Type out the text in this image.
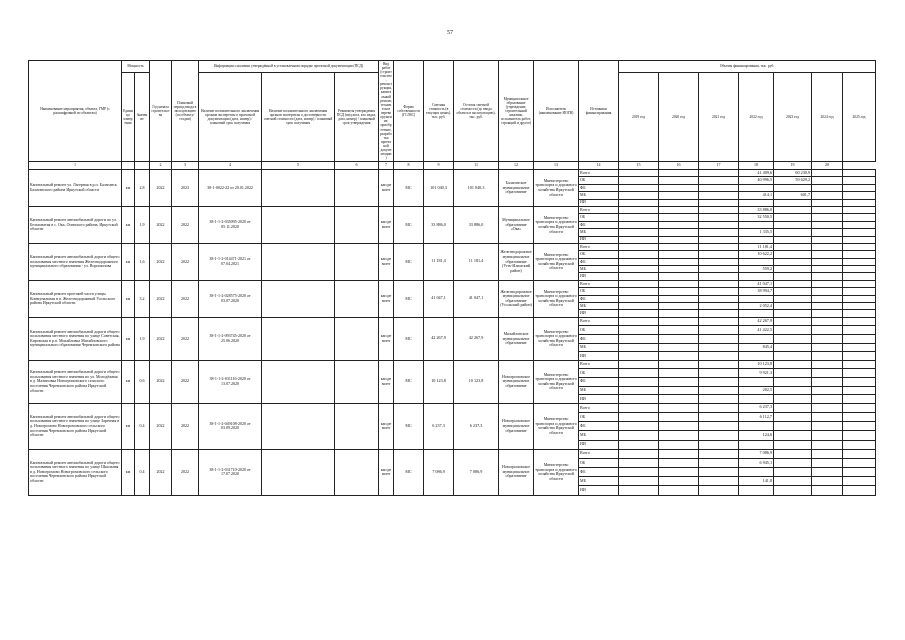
57
Наименование мероприятия, объекта, ГМР (с расшифровкой по объектам)	Мощность		Год начала строительства	Плановый период ввода в эксплуатацию (по объекту/стадии)	Информация о наличии утверждённой в установленном порядке проектной документации (ПСД)			Вид работ (строительство, реконструкция, капитальный ремонт, техническое перевооружение, приобретение, разработка проектной документации)	Форма собственности (ГС/МС)	Сметная стоимость (в текущих ценах), тыс. руб.	Остаток сметной стоимости (до ввода объекта в эксплуатацию), тыс. руб.	Муниципальное образование (учреждение, строительный заказчик, исполнитель работ, строящий и другое)	Исполнитель (наименование ИОГВ)	Источники финансирования	Объемы финансирования, тыс. руб.						
	Единица измерения	Значение			Наличие положительного заключения органов экспертизы о проектной документации (дата, номер) / плановый срок получения	Наличие положительного заключения органов экспертизы о достоверности сметной стоимости (дата, номер) / плановый срок получения	Реквизиты утверждения ПСД (вид акта, кто издал, дата, номер) / плановый срок утверждения								2019 год	2020 год	2021 год	2022 год	2023 год	2024 год	2025 год

1			2	3	4	5	6	7	8	9	11	12	13	14	15	16	17	18	19	20	
Капитальный ремонт ул. Лагерная в р.п. Балаганск Балаганского района Иркутской области	км	2,8	2022	2023	38-1-0022-22 от 20.01.2022			кап.ремонт	МС	101 040,3	101 040,3	Балаганское муниципальное образование	Министерство транспорта и дорожного хозяйства Иркутской области	Всего				41 409,6	60 230,9		
														ОБ				40 996,5	59 629,2		
														ФБ							
														МБ				414,1	601,7		
														ИИ							
Капитальный ремонт автомобильной дороги по ул. Бельтоватая в с. Ока, Осинского района, Иркутской области	км	1,9	2022	2022	38-1-1-2-035095-2020 от 05.11.2020			кап.ремонт	МС	33 886,0	33 886,0	Муниципальное образование «Ока»	Министерство транспорта и дорожного хозяйства Иркутской области	Всего				33 886,0			
														ОБ				32 550,5			
														ФБ							
														МБ				1 335,5			
														ИИ							
Капитальный ремонт автомобильной дороги общего пользования местного значения Железнодорожного муниципального образования - ул. Ворошилова	км	1,6	2022	2022	38-1-1-2-014471-2021 от 07.04.2021			кап.ремонт	МС	11 181,4	11 181,4	Железнодорожное муниципальное образование (Усть-Илимский район)	Министерство транспорта и дорожного хозяйства Иркутской области	Всего				11 181,4			
														ОБ				10 622,2			
														ФБ							
														МБ				559,2			
														ИИ							
Капитальный ремонт проезжей части улицы Коммунальная в п. Железнодорожный Усольского района Иркутской области	км	3,2	2022	2022	38-1-1-2-028575-2020 от 03.07.2020			кап.ремонт	МС	41 047,1	41 047,1	Железнодорожное муниципальное образование (Усольский район)	Министерство транспорта и дорожного хозяйства Иркутской области	Всего				41 047,1			
														ОБ				38 994,7			
														ФБ							
														МБ				2 052,4			
														ИИ							
Капитальный ремонт автомобильной дороги общего пользования местного значения по улице Советская, Кировская в р.п. Михайловка Михайловского муниципального образования Черемховского района	км	1,9	2022	2022	38-1-1-2-093745-2020 от 25.06.2020			кап.ремонт	МС	42 267,9	42 267,9	Михайловское муниципальное образование	Министерство транспорта и дорожного хозяйства Иркутской области	Всего				42 267,9			
														ОБ				41 422,5			
														ФБ							
														МБ				845,4			
														ИИ							
Капитальный ремонт автомобильной дороги общего пользования местного значения по ул. Молодёжная в д. Малиновка Новогромовского сельского поселения Черемховского района Иркутской области	км	0,6	2022	2022	38-1-1-2-031116-2020 от 13.07.2020			кап.ремонт	МС	10 123,8	10 123,8	Новогромовское муниципальное образование	Министерство транспорта и дорожного хозяйства Иркутской области	Всего				10 123,8			
														ОБ				9 921,3			
														ФБ							
														МБ				202,5			
														ИИ							
Капитальный ремонт автомобильной дороги общего пользования местного значения по улице Заречная в д. Новогромово Новогромовского сельского поселения Черемховского района Иркутской области	км	0,4	2022	2022	38-1-1-2-049108-2020 от 03.09.2020			кап.ремонт	МС	6 237,3	6 237,3	Новогромовское муниципальное образование	Министерство транспорта и дорожного хозяйства Иркутской области	Всего				6 237,3			
														ОБ				6 112,7			
														ФБ							
														МБ				124,6			
														ИИ							
Капитальный ремонт автомобильной дороги общего пользования местного значения по улице Школьная в д. Новогромово Новогромовского сельского поселения Черемховского района Иркутской области	км	0,4	2022	2022	38-1-1-2-031710-2020 от 17.07.2020			кап.ремонт	МС	7 086,9	7 086,9	Новогромовское муниципальное образование	Министерство транспорта и дорожного хозяйства Иркутской области	Всего				7 086,9			
														ОБ				6 945,1			
														ФБ							
														МБ				141,8			
														ИИ							
